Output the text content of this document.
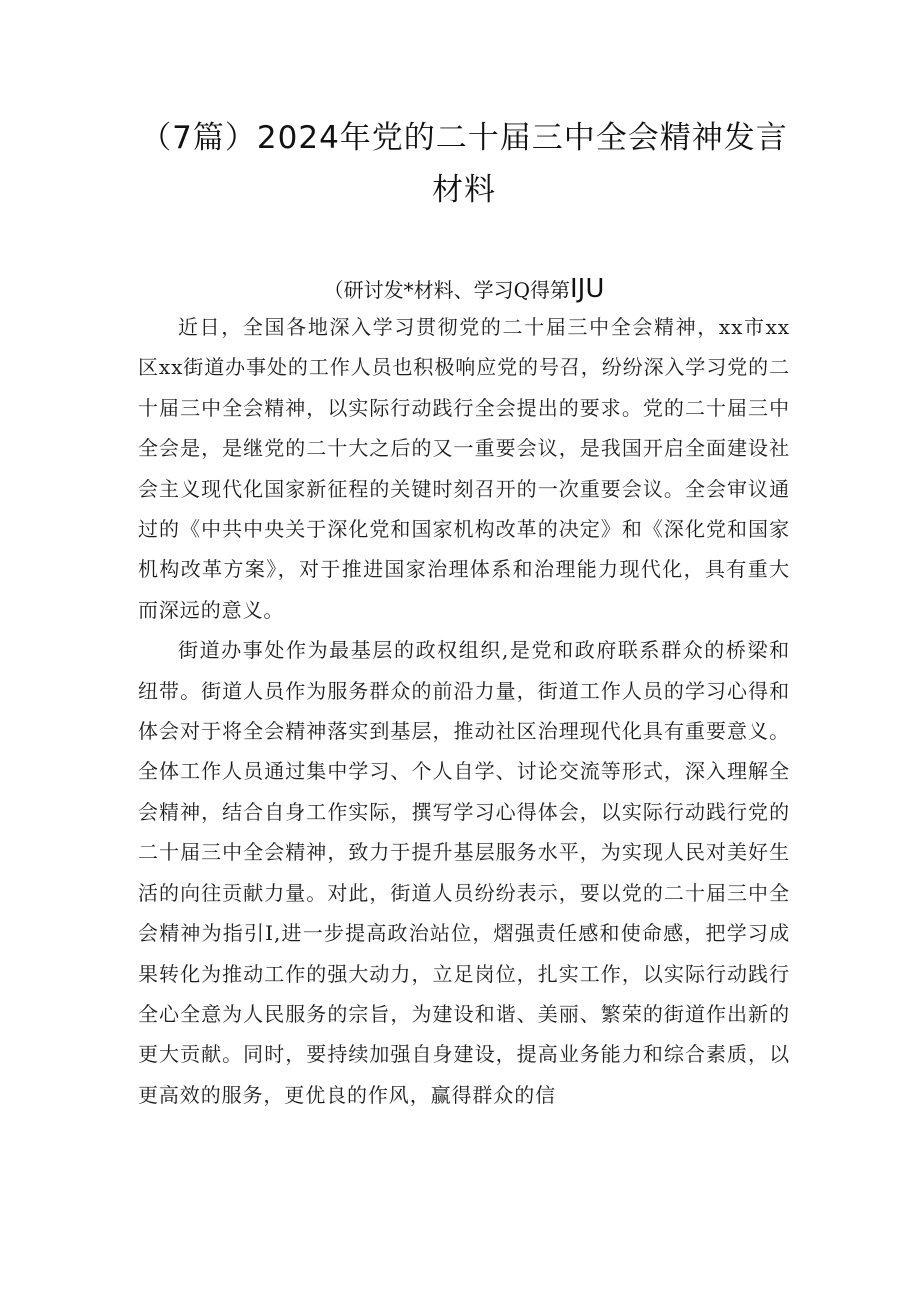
（7篇）2024年党的二十届三中全会精神发言材料
（研讨发*材料、学习Q得第IJU

近日，全国各地深入学习贯彻党的二十届三中全会精神，xx市xx区xx街道办事处的工作人员也积极响应党的号召，纷纷深入学习党的二十届三中全会精神，以实际行动践行全会提出的要求。党的二十届三中全会是，是继党的二十大之后的又一重要会议，是我国开启全面建设社会主义现代化国家新征程的关键时刻召开的一次重要会议。全会审议通过的《中共中央关于深化党和国家机构改革的决定》和《深化党和国家机构改革方案》，对于推进国家治理体系和治理能力现代化，具有重大而深远的意义。

街道办事处作为最基层的政权组织,是党和政府联系群众的桥梁和纽带。街道人员作为服务群众的前沿力量，街道工作人员的学习心得和体会对于将全会精神落实到基层，推动社区治理现代化具有重要意义。全体工作人员通过集中学习、个人自学、讨论交流等形式，深入理解全会精神，结合自身工作实际，撰写学习心得体会，以实际行动践行党的二十届三中全会精神，致力于提升基层服务水平，为实现人民对美好生活的向往贡献力量。对此，街道人员纷纷表示，要以党的二十届三中全会精神为指引I,进一步提高政治站位，熠强责任感和使命感，把学习成果转化为推动工作的强大动力，立足岗位，扎实工作，以实际行动践行全心全意为人民服务的宗旨，为建设和谐、美丽、繁荣的街道作出新的更大贡献。同时，要持续加强自身建设，提高业务能力和综合素质，以更高效的服务，更优良的作风，赢得群众的信
